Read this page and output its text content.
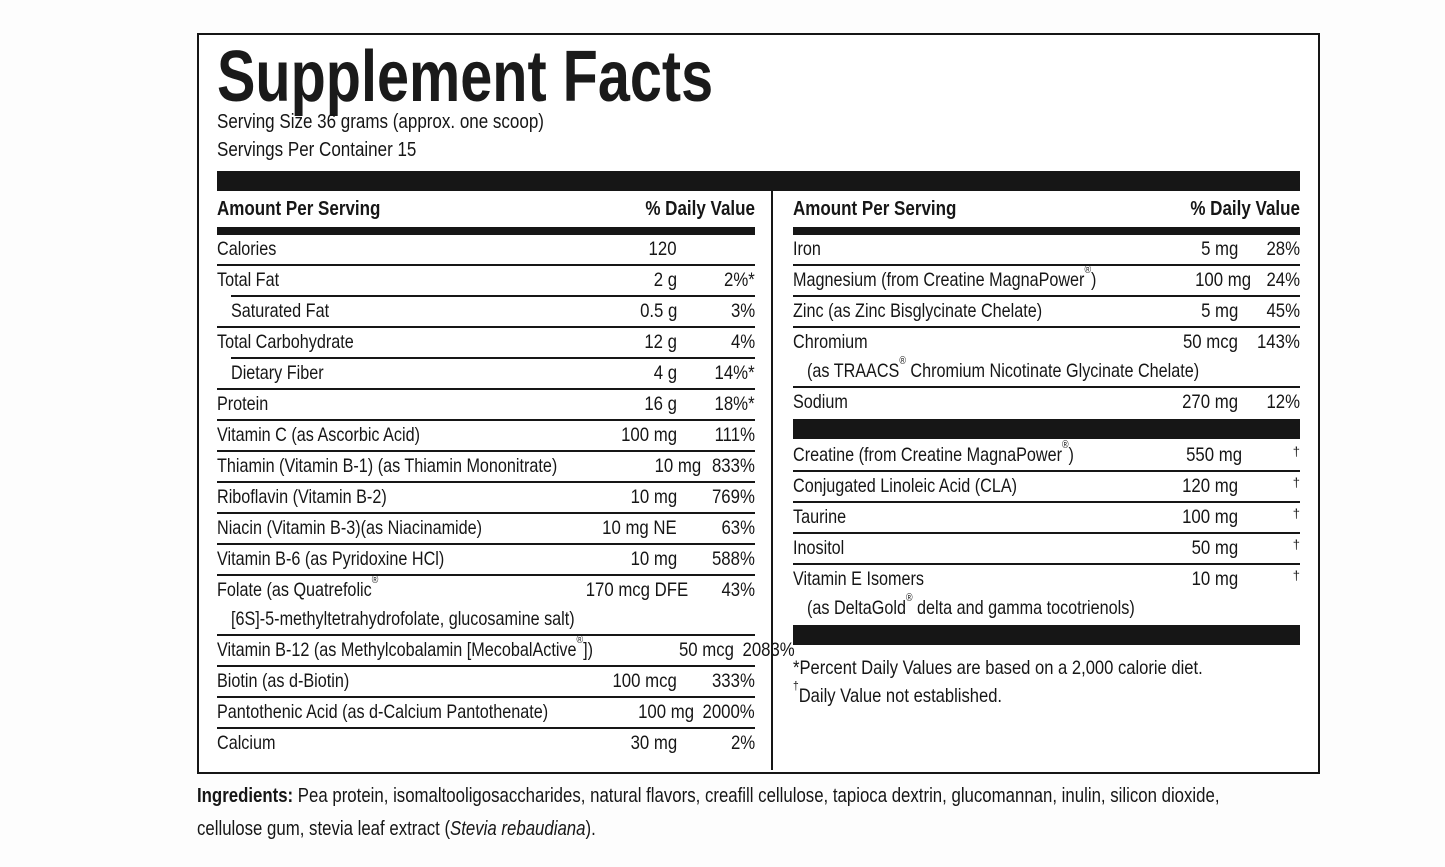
Supplement Facts
Serving Size 36 grams (approx. one scoop)
Servings Per Container 15
Amount Per Serving	% Daily Value
Calories	120
Total Fat	2 g	2%*
Saturated Fat	0.5 g	3%
Total Carbohydrate	12 g	4%
Dietary Fiber	4 g	14%*
Protein	16 g	18%*
Vitamin C (as Ascorbic Acid)	100 mg	111%
Thiamin (Vitamin B-1) (as Thiamin Mononitrate)	10 mg 833%
Riboflavin (Vitamin B-2)	10 mg	769%
Niacin (Vitamin B-3)(as Niacinamide)	10 mg NE	63%
Vitamin B-6 (as Pyridoxine HCl)	10 mg	588%
Folate (as Quatrefolic®	170 mcg DFE	43%
[6S]-5-methyltetrahydrofolate, glucosamine salt)
Vitamin B-12 (as Methylcobalamin [MecobalActive®])	50 mcg 2083%
Biotin (as d-Biotin)	100 mcg	333%
Pantothenic Acid (as d-Calcium Pantothenate)	100 mg 2000%
Calcium	30 mg	2%
Amount Per Serving	% Daily Value
Iron	5 mg	28%
Magnesium (from Creatine MagnaPower®)	100 mg 24%
Zinc (as Zinc Bisglycinate Chelate)	5 mg	45%
Chromium	50 mcg 143%
(as TRAACS® Chromium Nicotinate Glycinate Chelate)
Sodium	270 mg	12%
Creatine (from Creatine MagnaPower®)	550 mg	†
Conjugated Linoleic Acid (CLA)	120 mg	†
Taurine	100 mg	†
Inositol	50 mg	†
Vitamin E Isomers	10 mg	†
(as DeltaGold® delta and gamma tocotrienols)
*Percent Daily Values are based on a 2,000 calorie diet.
†Daily Value not established.
Ingredients: Pea protein, isomaltooligosaccharides, natural flavors, creafill cellulose, tapioca dextrin, glucomannan, inulin, silicon dioxide, cellulose gum, stevia leaf extract (Stevia rebaudiana).
